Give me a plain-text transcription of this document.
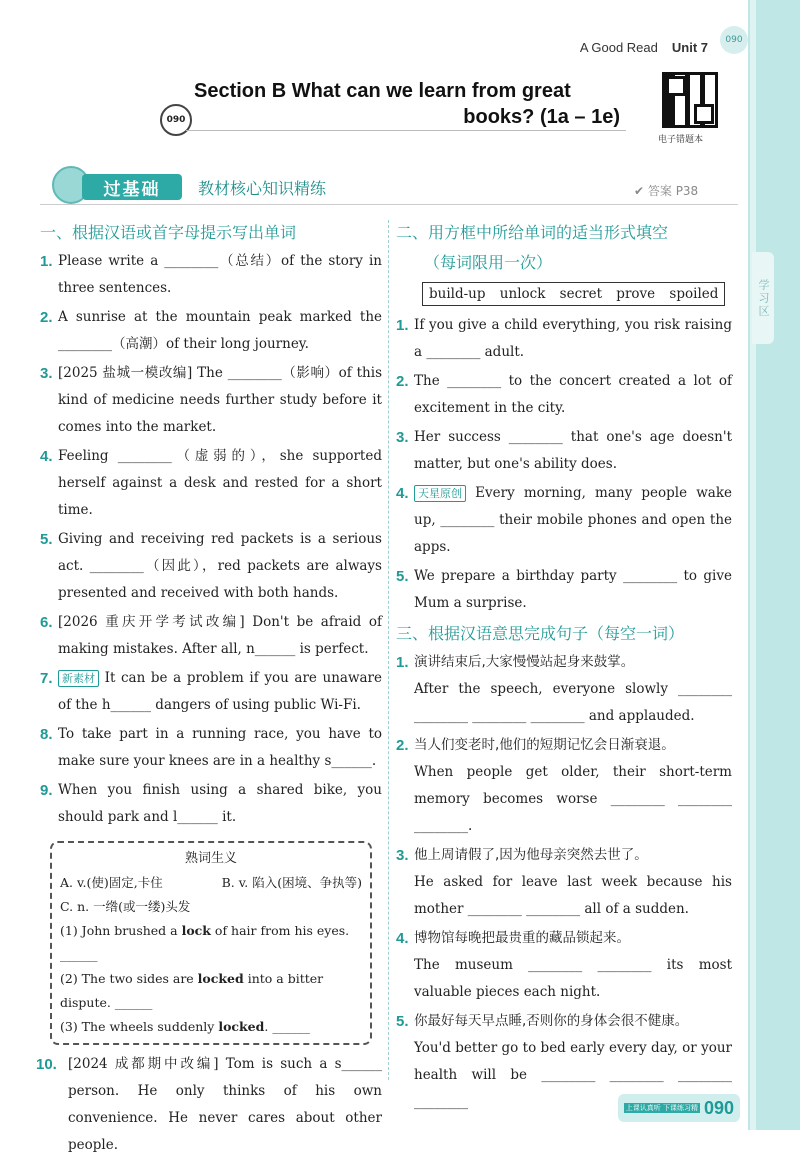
学习区
090
A Good Read Unit 7
090
Section B What can we learn from great
books? (1a – 1e)
电子错题本
过基础	教材核心知识精练	✔ 答案 P38
一、根据汉语或首字母提示写出单词
1. Please write a ________（总结）of the story in three sentences.
2. A sunrise at the mountain peak marked the ________（高潮）of their long journey.
3. [2025 盐城一模改编] The ________（影响）of this kind of medicine needs further study before it comes into the market.
4. Feeling ________（虚弱的），she supported herself against a desk and rested for a short time.
5. Giving and receiving red packets is a serious act. ________（因此），red packets are always presented and received with both hands.
6. [2026 重庆开学考试改编] Don't be afraid of making mistakes. After all, n______ is perfect.
7. 新素材 It can be a problem if you are unaware of the h______ dangers of using public Wi-Fi.
8. To take part in a running race, you have to make sure your knees are in a healthy s______.
9. When you finish using a shared bike, you should park and l______ it.
熟词生义
A. v.(使)固定,卡住	B. v. 陷入(困境、争执等)
C. n. 一绺(或一缕)头发
(1) John brushed a lock of hair from his eyes. ______
(2) The two sides are locked into a bitter dispute. ______
(3) The wheels suddenly locked. ______
10. [2024 成都期中改编] Tom is such a s______ person. He only thinks of his own convenience. He never cares about other people.
二、用方框中所给单词的适当形式填空
（每词限用一次）
build-up unlock secret prove spoiled
1. If you give a child everything, you risk raising a ________ adult.
2. The ________ to the concert created a lot of excitement in the city.
3. Her success ________ that one's age doesn't matter, but one's ability does.
4. 天星原创 Every morning, many people wake up, ________ their mobile phones and open the apps.
5. We prepare a birthday party ________ to give Mum a surprise.
三、根据汉语意思完成句子（每空一词）
1. 演讲结束后,大家慢慢站起身来鼓掌。
After the speech, everyone slowly ________ ________ ________ ________ and applauded.
2. 当人们变老时,他们的短期记忆会日渐衰退。
When people get older, their short-term memory becomes worse ________ ________ ________.
3. 他上周请假了,因为他母亲突然去世了。
He asked for leave last week because his mother ________ ________ all of a sudden.
4. 博物馆每晚把最贵重的藏品锁起来。
The museum ________ ________ its most valuable pieces each night.
5. 你最好每天早点睡,否则你的身体会很不健康。
You'd better go to bed early every day, or your health will be ________ ________ ________ ________	上课认真听 下课练习精 090
